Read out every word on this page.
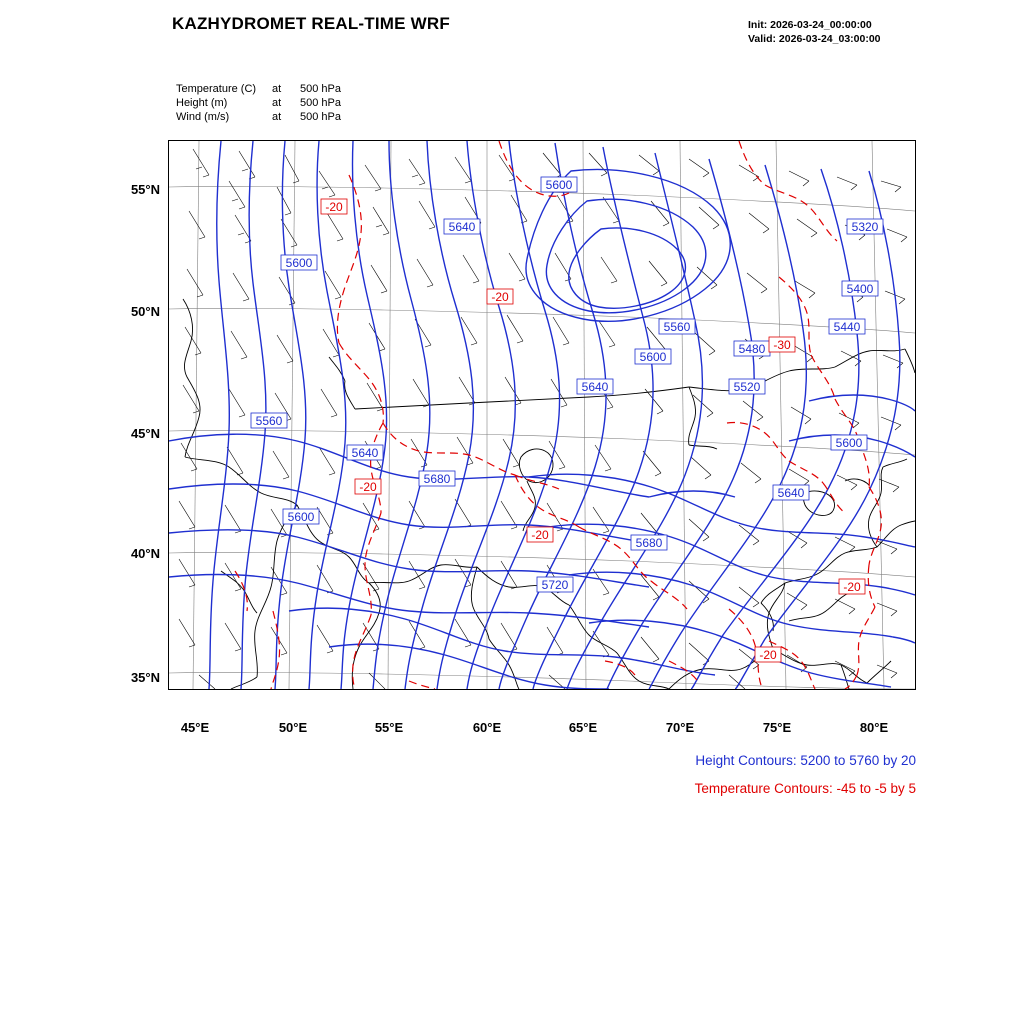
KAZHYDROMET REAL-TIME WRF	Init: 2026-03-24_00:00:00
Valid: 2026-03-24_03:00:00
Temperature (C) at 500 hPa
Height (m)	at 500 hPa
Wind (m/s)	at 500 hPa
55°N
50°N
45°N
40°N
35°N
45°E	50°E	55°E	60°E	65°E	70°E	75°E	80°E
Height Contours: 5200 to 5760 by 20
Temperature Contours: -45 to -5 by 5
5600
5640
5600
5320
5400
5560	5440
5480
5600
5520
5640
5560
5640
5600
5680
5640
5600
5680
5720
-20
-20
-30
-20
-20
-20
-20
